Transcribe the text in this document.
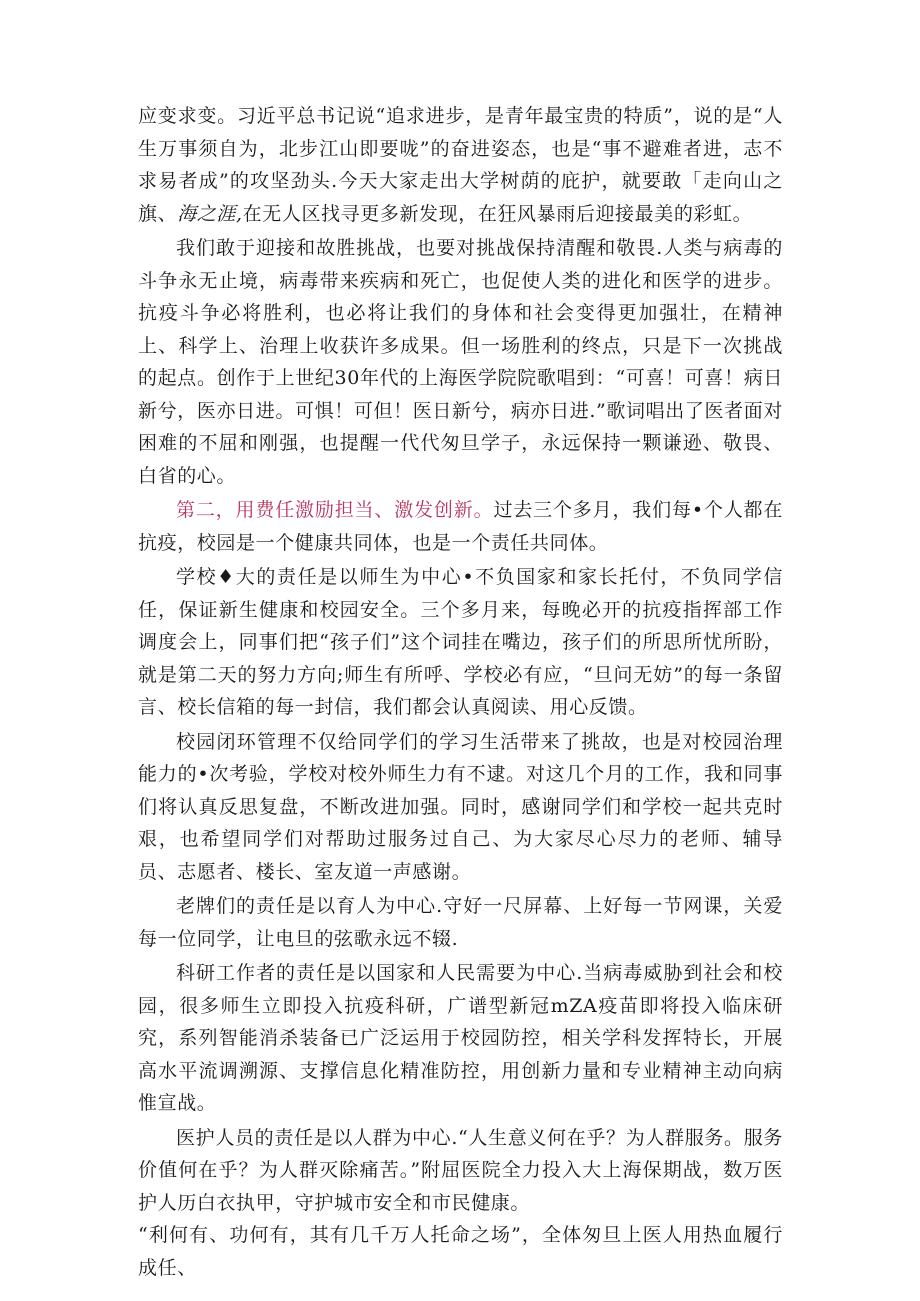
应变求变。习近平总书记说“追求进步，是青年最宝贵的特质”，说的是“人生万事须自为，北步江山即要咙”的奋进姿态，也是“事不避难者进，志不求易者成”的攻坚劲头.今天大家走出大学树荫的庇护，就要敢「走向山之旗、海之涯,在无人区找寻更多新发现，在狂风暴雨后迎接最美的彩虹。

我们敢于迎接和故胜挑战，也要对挑战保持清醒和敬畏.人类与病毒的斗争永无止境，病毒带来疾病和死亡，也促使人类的进化和医学的进步。抗疫斗争必将胜利，也必将让我们的身体和社会变得更加强壮，在精神上、科学上、治理上收获许多成果。但一场胜利的终点，只是下一次挑战的起点。创作于上世纪30年代的上海医学院院歌唱到：“可喜！可喜！病日新兮，医亦日进。可惧！可但！医日新兮，病亦日进.”歌词唱出了医者面对困难的不屈和刚强，也提醒一代代匆旦学子，永远保持一颗谦逊、敬畏、白省的心。

第二，用费任激励担当、激发创新。过去三个多月，我们每•个人都在抗疫，校园是一个健康共同体，也是一个责任共同体。

学校♦大的责任是以师生为中心•不负国家和家长托付，不负同学信任，保证新生健康和校园安全。三个多月来，每晚必开的抗疫指挥部工作调度会上，同事们把“孩子们”这个词挂在嘴边，孩子们的所思所忧所盼，就是第二天的努力方向;师生有所呼、学校必有应，“旦问无妨”的每一条留言、校长信箱的每一封信，我们都会认真阅读、用心反馈。

校园闭环管理不仅给同学们的学习生活带来了挑故，也是对校园治理能力的•次考验，学校对校外师生力有不逮。对这几个月的工作，我和同事们将认真反思复盘，不断改进加强。同时，感谢同学们和学校一起共克时艰，也希望同学们对帮助过服务过自己、为大家尽心尽力的老师、辅导员、志愿者、楼长、室友道一声感谢。

老牌们的责任是以育人为中心.守好一尺屏幕、上好每一节网课，关爱每一位同学，让电旦的弦歌永远不辍.

科研工作者的责任是以国家和人民需要为中心.当病毒威胁到社会和校园，很多师生立即投入抗疫科研，广谱型新冠mZA疫苗即将投入临床研究，系列智能消杀装备已广泛运用于校园防控，相关学科发挥特长，开展高水平流调溯源、支撑信息化精准防控，用创新力量和专业精神主动向病惟宣战。

医护人员的责任是以人群为中心.“人生意义何在乎？为人群服务。服务价值何在乎？为人群灭除痛苦。”附屈医院全力投入大上海保期战，数万医护人历白衣执甲，守护城市安全和市民健康。

“利何有、功何有，其有几千万人托命之场”，全体匆旦上医人用热血履行成任、
